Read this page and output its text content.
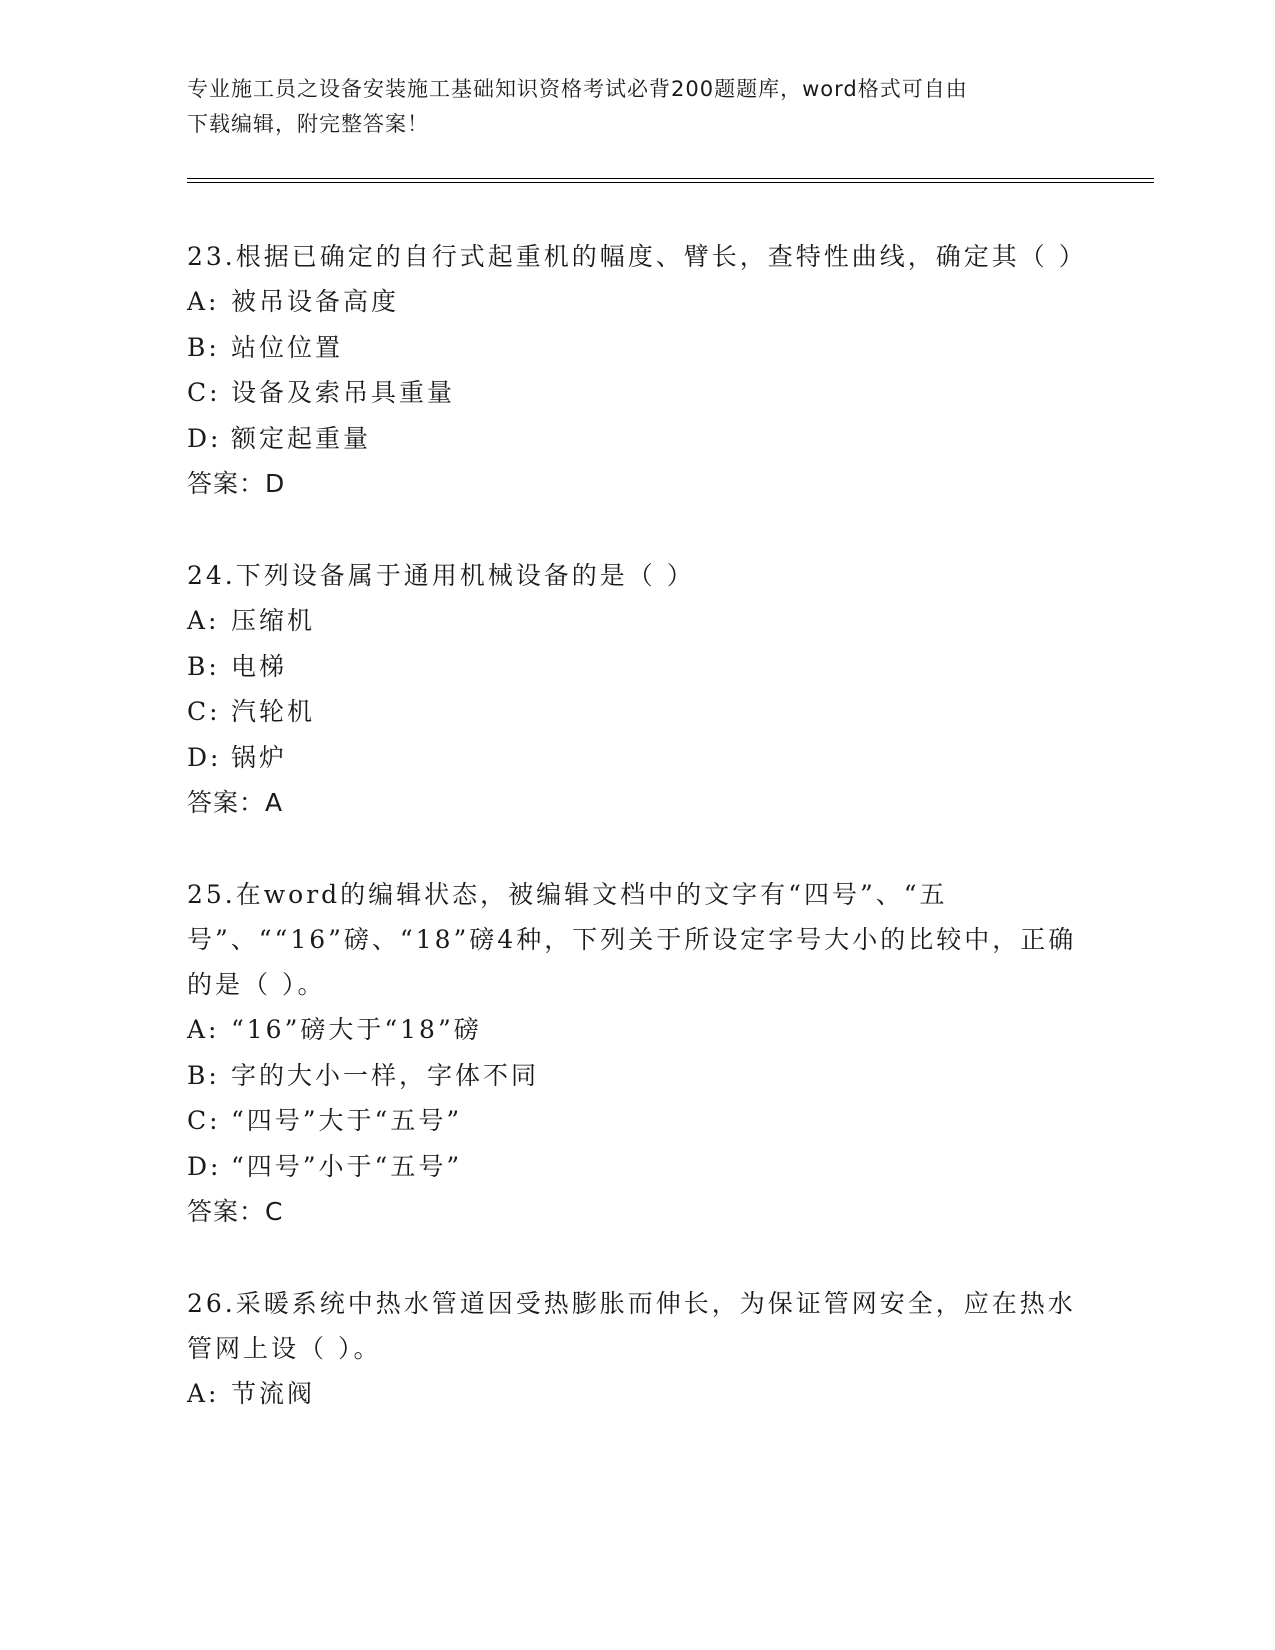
专业施工员之设备安装施工基础知识资格考试必背200题题库，word格式可自由
下载编辑，附完整答案！
23.根据已确定的自行式起重机的幅度、臂长，查特性曲线，确定其（ ）
A: 被吊设备高度
B: 站位位置
C: 设备及索吊具重量
D: 额定起重量
答案：D
24.下列设备属于通用机械设备的是（ ）
A: 压缩机
B: 电梯
C: 汽轮机
D: 锅炉
答案：A
25.在word的编辑状态，被编辑文档中的文字有“四号”、“五号”、““16”磅、“18”磅4种，下列关于所设定字号大小的比较中，正确的是（ ）。
A: “16”磅大于“18”磅
B: 字的大小一样，字体不同
C: “四号”大于“五号”
D: “四号”小于“五号”
答案：C
26.采暖系统中热水管道因受热膨胀而伸长，为保证管网安全，应在热水管网上设（ ）。
A: 节流阀
